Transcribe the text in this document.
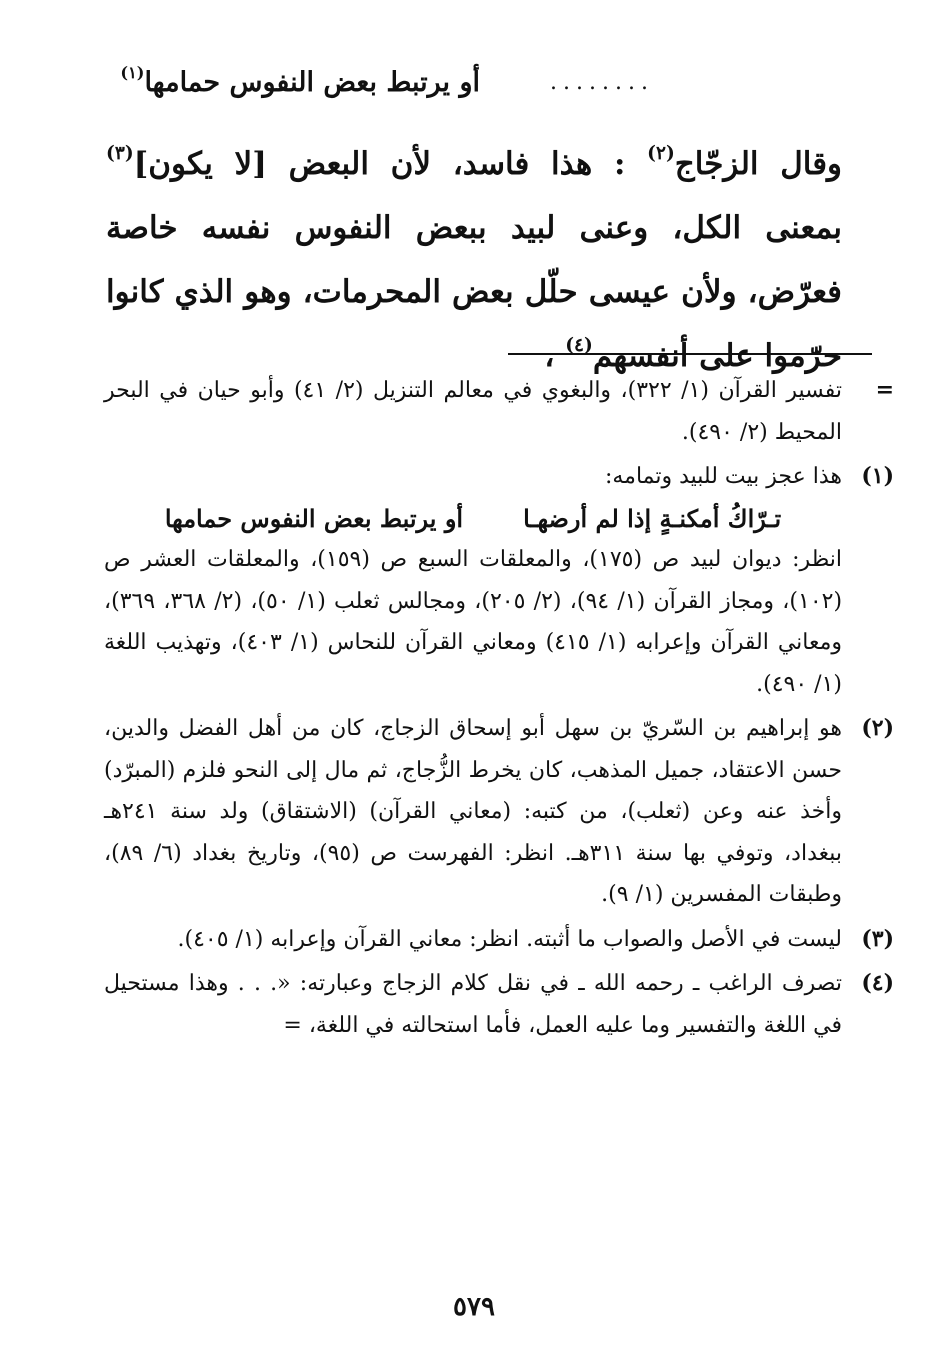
أو يرتبط بعض النفوس حمامها$^{(١)}$	........

وقال الزجّاج$^{(٢)}$ : هذا فاسد، لأن البعض [لا يكون]$^{(٣)}$ بمعنى الكل، وعنى لبيد ببعض النفوس نفسه خاصة فعرّض، ولأن عيسى حلّل بعض المحرمات، وهو الذي كانوا حرّموا على أنفسهم$^{(٤)}$ ،

=

تفسير القرآن (١/ ٣٢٢)، والبغوي في معالم التنزيل (٢/ ٤١) وأبو حيان في البحر المحيط (٢/ ٤٩٠).

(١)

هذا عجز بيت للبيد وتمامه:

تـرّاكُ أمكنـةٍ إذا لم أرضهـا
أو يرتبط بعض النفوس حمامها

انظر: ديوان لبيد ص (١٧٥)، والمعلقات السبع ص (١٥٩)، والمعلقات العشر ص (١٠٢)، ومجاز القرآن (١/ ٩٤)، (٢/ ٢٠٥)، ومجالس ثعلب (١/ ٥٠)، (٢/ ٣٦٨، ٣٦٩)، ومعاني القرآن وإعرابه (١/ ٤١٥) ومعاني القرآن للنحاس (١/ ٤٠٣)، وتهذيب اللغة (١/ ٤٩٠).

(٢)

هو إبراهيم بن السّريّ بن سهل أبو إسحاق الزجاج، كان من أهل الفضل والدين، حسن الاعتقاد، جميل المذهب، كان يخرط الزُّجاج، ثم مال إلى النحو فلزم (المبرّد) وأخذ عنه وعن (ثعلب)، من كتبه: (معاني القرآن) (الاشتقاق) ولد سنة ٢٤١هـ ببغداد، وتوفي بها سنة ٣١١هـ. انظر: الفهرست ص (٩٥)، وتاريخ بغداد (٦/ ٨٩)، وطبقات المفسرين (١/ ٩).

(٣)

ليست في الأصل والصواب ما أثبته. انظر: معاني القرآن وإعرابه (١/ ٤٠٥).

(٤)

تصرف الراغب ـ رحمه الله ـ في نقل كلام الزجاج وعبارته: «. . . وهذا مستحيل في اللغة والتفسير وما عليه العمل، فأما استحالته في اللغة، =

٥٧٩
